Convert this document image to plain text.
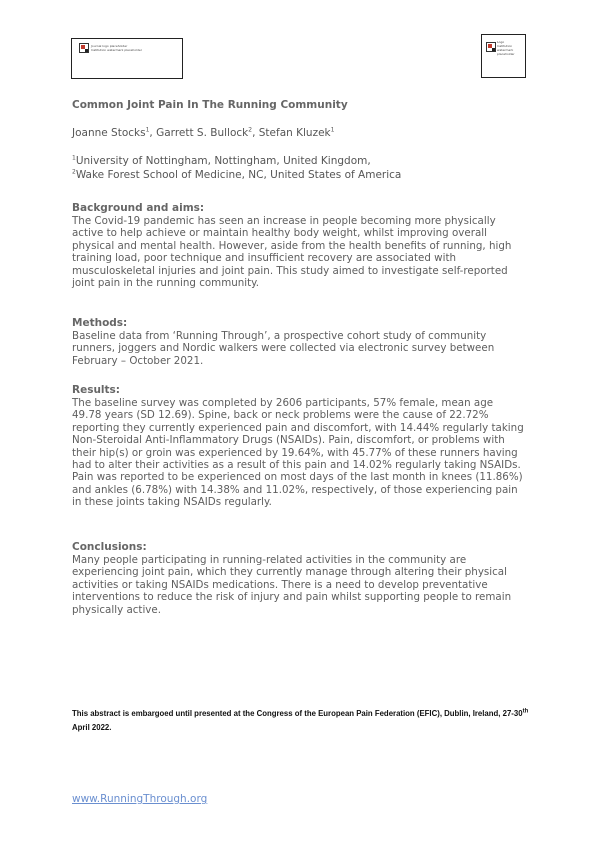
Journal logo placeholder
Institution watermark placeholder
Logo
Institution
watermark
placeholder
Common Joint Pain In The Running Community
Joanne Stocks$^1$, Garrett S. Bullock$^2$, Stefan Kluzek$^1$
$^1$University of Nottingham, Nottingham, United Kingdom,
$^2$Wake Forest School of Medicine, NC, United States of America
Background and aims:
The Covid-19 pandemic has seen an increase in people becoming more physically active to help achieve or maintain healthy body weight, whilst improving overall physical and mental health. However, aside from the health benefits of running, high training load, poor technique and insufficient recovery are associated with musculoskeletal injuries and joint pain. This study aimed to investigate self-reported joint pain in the running community.
Methods:
Baseline data from ‘Running Through’, a prospective cohort study of community runners, joggers and Nordic walkers were collected via electronic survey between February – October 2021.
Results:
The baseline survey was completed by 2606 participants, 57% female, mean age 49.78 years (SD 12.69). Spine, back or neck problems were the cause of 22.72% reporting they currently experienced pain and discomfort, with 14.44% regularly taking Non-Steroidal Anti-Inflammatory Drugs (NSAIDs). Pain, discomfort, or problems with their hip(s) or groin was experienced by 19.64%, with 45.77% of these runners having had to alter their activities as a result of this pain and 14.02% regularly taking NSAIDs. Pain was reported to be experienced on most days of the last month in knees (11.86%) and ankles (6.78%) with 14.38% and 11.02%, respectively, of those experiencing pain in these joints taking NSAIDs regularly.
Conclusions:
Many people participating in running-related activities in the community are experiencing joint pain, which they currently manage through altering their physical activities or taking NSAIDs medications. There is a need to develop preventative interventions to reduce the risk of injury and pain whilst supporting people to remain physically active.
This abstract is embargoed until presented at the Congress of the European Pain Federation (EFIC), Dublin, Ireland, 27-30th April 2022.
www.RunningThrough.org
